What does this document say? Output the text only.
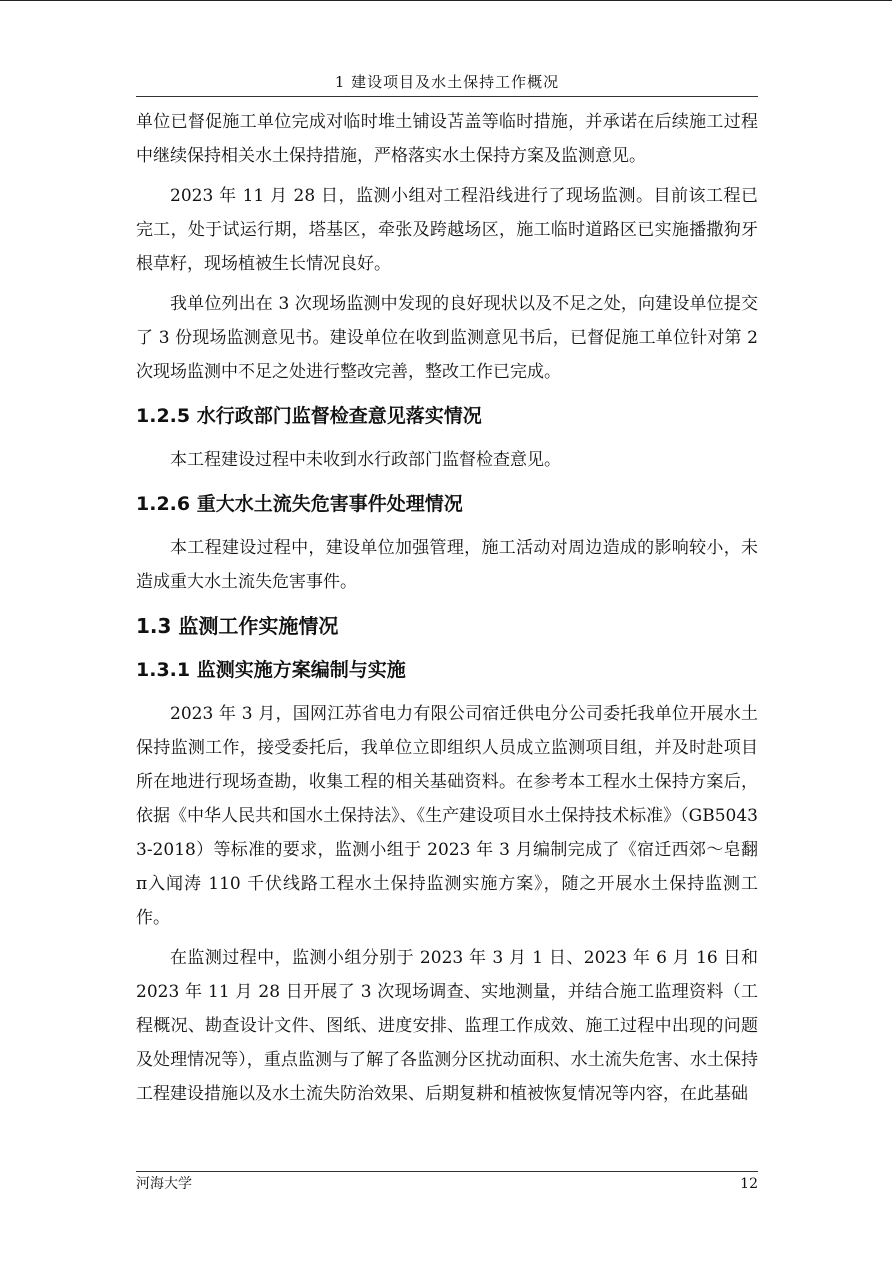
1 建设项目及水土保持工作概况

单位已督促施工单位完成对临时堆土铺设苫盖等临时措施，并承诺在后续施工过程中继续保持相关水土保持措施，严格落实水土保持方案及监测意见。

2023 年 11 月 28 日，监测小组对工程沿线进行了现场监测。目前该工程已完工，处于试运行期，塔基区，牵张及跨越场区，施工临时道路区已实施播撒狗牙根草籽，现场植被生长情况良好。

我单位列出在 3 次现场监测中发现的良好现状以及不足之处，向建设单位提交了 3 份现场监测意见书。建设单位在收到监测意见书后，已督促施工单位针对第 2 次现场监测中不足之处进行整改完善，整改工作已完成。

1.2.5 水行政部门监督检查意见落实情况

本工程建设过程中未收到水行政部门监督检查意见。

1.2.6 重大水土流失危害事件处理情况

本工程建设过程中，建设单位加强管理，施工活动对周边造成的影响较小，未造成重大水土流失危害事件。

1.3 监测工作实施情况
1.3.1 监测实施方案编制与实施

2023 年 3 月，国网江苏省电力有限公司宿迁供电分公司委托我单位开展水土保持监测工作，接受委托后，我单位立即组织人员成立监测项目组，并及时赴项目所在地进行现场查勘，收集工程的相关基础资料。在参考本工程水土保持方案后，依据《中华人民共和国水土保持法》、《生产建设项目水土保持技术标准》（GB50433-2018）等标准的要求，监测小组于 2023 年 3 月编制完成了《宿迁西郊～皂翻π入闻涛 110 千伏线路工程水土保持监测实施方案》，随之开展水土保持监测工作。

在监测过程中，监测小组分别于 2023 年 3 月 1 日、2023 年 6 月 16 日和 2023 年 11 月 28 日开展了 3 次现场调查、实地测量，并结合施工监理资料（工程概况、勘查设计文件、图纸、进度安排、监理工作成效、施工过程中出现的问题及处理情况等），重点监测与了解了各监测分区扰动面积、水土流失危害、水土保持工程建设措施以及水土流失防治效果、后期复耕和植被恢复情况等内容，在此基础

河海大学	12
